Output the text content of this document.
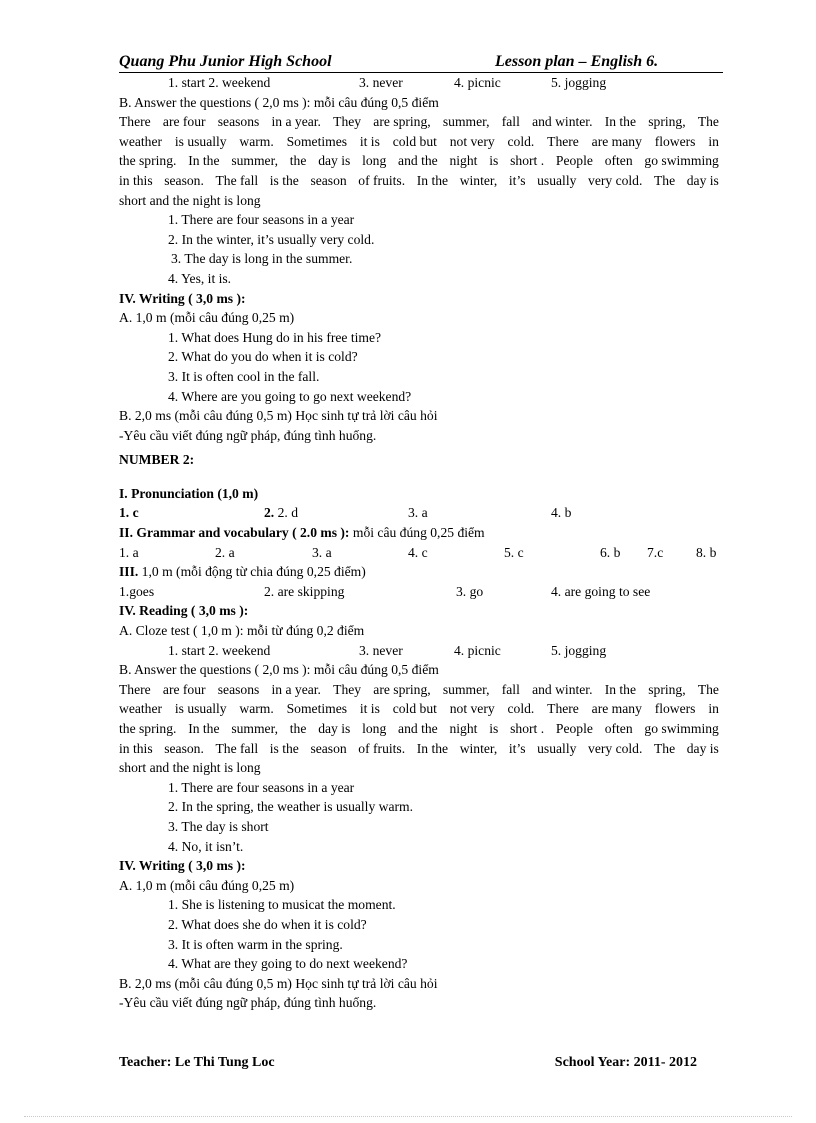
Quang Phu Junior High School	Lesson plan – English 6.
1. start 2. weekend	3. never	4. picnic	5. jogging
B. Answer the questions ( 2,0 ms ): mỗi câu đúng 0,5 điểm
There are four seasons in a year. They are spring, summer, fall and winter. In the spring, The
weather is usually warm. Sometimes it is cold but not very cold. There are many flowers in
the spring. In the summer, the day is long and the night is short . People often go swimming
in this season. The fall is the season of fruits. In the winter, it’s usually very cold. The day is
short and the night is long
1. There are four seasons in a year
2. In the winter, it’s usually very cold.
3. The day is long in the summer.
4. Yes, it is.
IV. Writing ( 3,0 ms ):
A. 1,0 m (mỗi câu đúng 0,25 m)
1. What does Hung do in his free time?
2. What do you do when it is cold?
3. It is often cool in the fall.
4. Where are you going to go next weekend?
B. 2,0 ms (mỗi câu đúng 0,5 m) Học sinh tự trả lời câu hỏi
-Yêu cầu viết đúng ngữ pháp, đúng tình huống.
NUMBER 2:
I. Pronunciation (1,0 m)
1. c	2. 2. d	3. a	4. b
II. Grammar and vocabulary ( 2.0 ms ): mỗi câu đúng 0,25 điểm
1. a	2. a	3. a	4. c	5. c	6. b 7.c 8. b
III. 1,0 m (mỗi động từ chia đúng 0,25 điểm)
1.goes	2. are skipping	3. go	4. are going to see
IV. Reading ( 3,0 ms ):
A. Cloze test ( 1,0 m ): mỗi từ đúng 0,2 điểm
1. start 2. weekend	3. never	4. picnic	5. jogging
B. Answer the questions ( 2,0 ms ): mỗi câu đúng 0,5 điểm
There are four seasons in a year. They are spring, summer, fall and winter. In the spring, The
weather is usually warm. Sometimes it is cold but not very cold. There are many flowers in
the spring. In the summer, the day is long and the night is short . People often go swimming
in this season. The fall is the season of fruits. In the winter, it’s usually very cold. The day is
short and the night is long
1. There are four seasons in a year
2. In the spring, the weather is usually warm.
3. The day is short
4. No, it isn’t.
IV. Writing ( 3,0 ms ):
A. 1,0 m (mỗi câu đúng 0,25 m)
1. She is listening to musicat the moment.
2. What does she do when it is cold?
3. It is often warm in the spring.
4. What are they going to do next weekend?
B. 2,0 ms (mỗi câu đúng 0,5 m) Học sinh tự trả lời câu hỏi
-Yêu cầu viết đúng ngữ pháp, đúng tình huống.
Teacher: Le Thi Tung Loc	School Year: 2011- 2012
